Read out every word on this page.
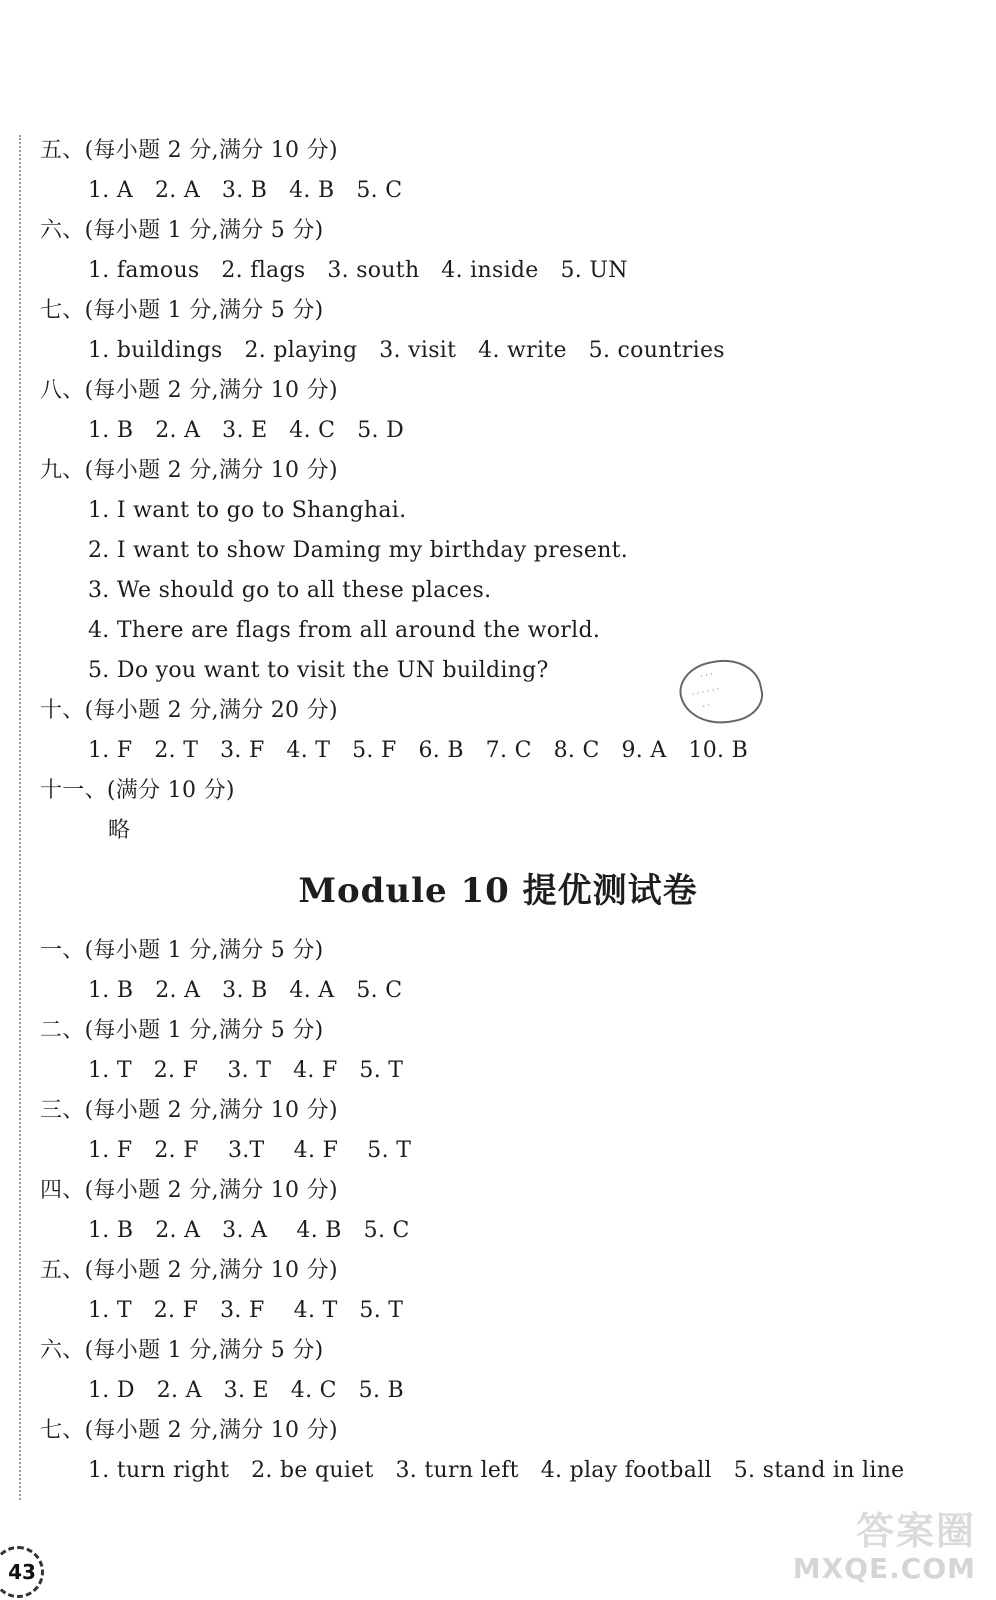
五、(每小题 2 分,满分 10 分)
1. A   2. A   3. B   4. B   5. C
六、(每小题 1 分,满分 5 分)
1. famous   2. flags   3. south   4. inside   5. UN
七、(每小题 1 分,满分 5 分)
1. buildings   2. playing   3. visit   4. write   5. countries
八、(每小题 2 分,满分 10 分)
1. B   2. A   3. E   4. C   5. D
九、(每小题 2 分,满分 10 分)
1. I want to go to Shanghai.
2. I want to show Daming my birthday present.
3. We should go to all these places.
4. There are flags from all around the world.
5. Do you want to visit the UN building?	· · ·
· · · · · ·
· ·
十、(每小题 2 分,满分 20 分)
1. F   2. T   3. F   4. T   5. F   6. B   7. C   8. C   9. A   10. B
十一、(满分 10 分)
略
Module 10 提优测试卷
一、(每小题 1 分,满分 5 分)
1. B   2. A   3. B   4. A   5. C
二、(每小题 1 分,满分 5 分)
1. T   2. F    3. T   4. F   5. T
三、(每小题 2 分,满分 10 分)
1. F   2. F    3.T    4. F    5. T
四、(每小题 2 分,满分 10 分)
1. B   2. A   3. A    4. B   5. C
五、(每小题 2 分,满分 10 分)
1. T   2. F   3. F    4. T   5. T
六、(每小题 1 分,满分 5 分)
1. D   2. A   3. E   4. C   5. B
七、(每小题 2 分,满分 10 分)
1. turn right   2. be quiet   3. turn left   4. play football   5. stand in line
43
答案圈
MXQE.COM
